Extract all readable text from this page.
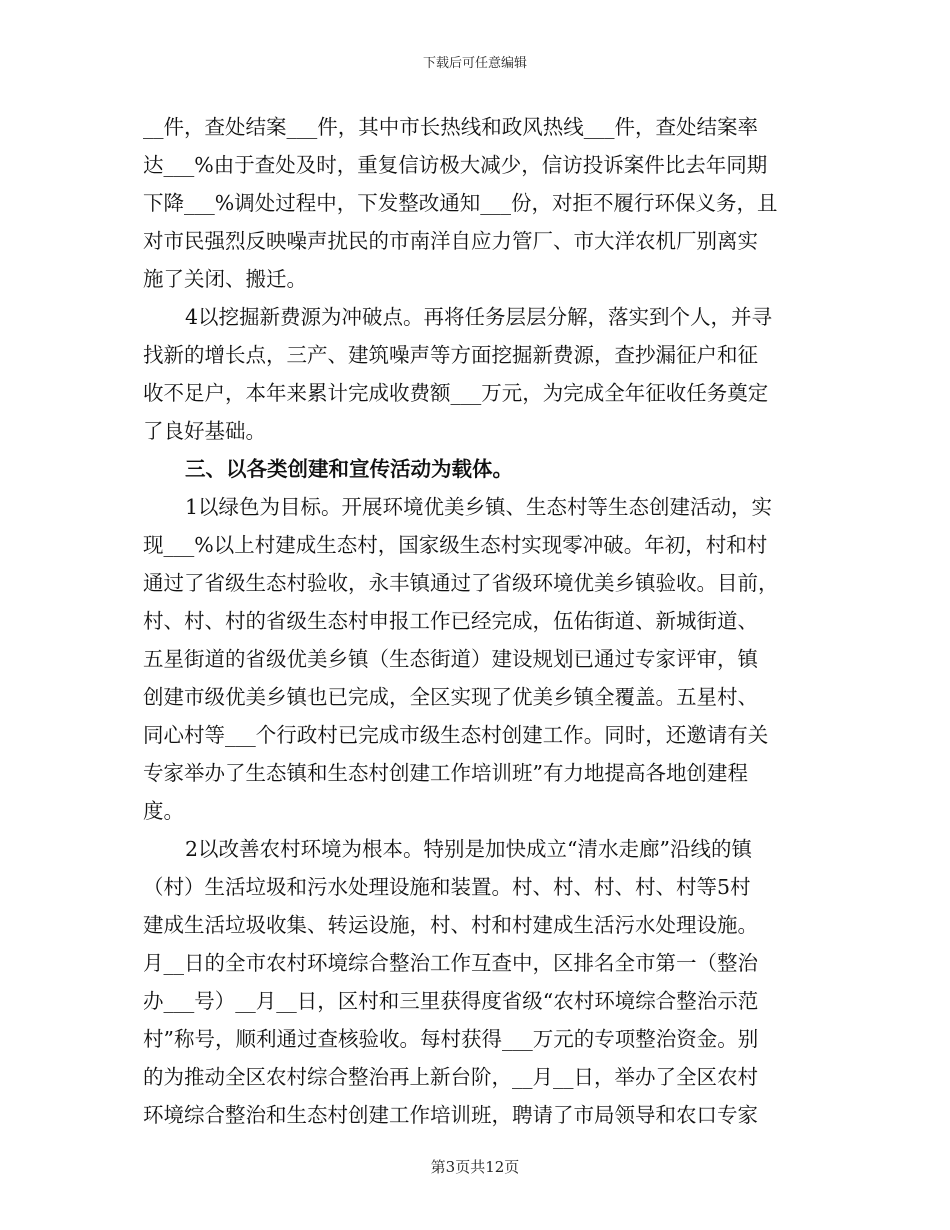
下载后可任意编辑
__件，查处结案___件，其中市长热线和政风热线___件，查处结案率
达___%由于查处及时，重复信访极大减少，信访投诉案件比去年同期
下降___%调处过程中，下发整改通知___份，对拒不履行环保义务，且
对市民强烈反映噪声扰民的市南洋自应力管厂、市大洋农机厂别离实
施了关闭、搬迁。
4以挖掘新费源为冲破点。再将任务层层分解，落实到个人，并寻
找新的增长点，三产、建筑噪声等方面挖掘新费源，查抄漏征户和征
收不足户，本年来累计完成收费额___万元，为完成全年征收任务奠定
了良好基础。
三、以各类创建和宣传活动为载体。
1以绿色为目标。开展环境优美乡镇、生态村等生态创建活动，实
现___%以上村建成生态村，国家级生态村实现零冲破。年初，村和村
通过了省级生态村验收，永丰镇通过了省级环境优美乡镇验收。目前，
村、村、村的省级生态村申报工作已经完成，伍佑街道、新城街道、
五星街道的省级优美乡镇（生态街道）建设规划已通过专家评审，镇
创建市级优美乡镇也已完成，全区实现了优美乡镇全覆盖。五星村、
同心村等___个行政村已完成市级生态村创建工作。同时，还邀请有关
专家举办了生态镇和生态村创建工作培训班”有力地提高各地创建程
度。
2以改善农村环境为根本。特别是加快成立“清水走廊”沿线的镇
（村）生活垃圾和污水处理设施和装置。村、村、村、村、村等5村
建成生活垃圾收集、转运设施，村、村和村建成生活污水处理设施。
月__日的全市农村环境综合整治工作互查中，区排名全市第一（整治
办___号）__月__日，区村和三里获得度省级“农村环境综合整治示范
村”称号，顺利通过查核验收。每村获得___万元的专项整治资金。别
的为推动全区农村综合整治再上新台阶，__月__日，举办了全区农村
环境综合整治和生态村创建工作培训班，聘请了市局领导和农口专家
第3页共12页
